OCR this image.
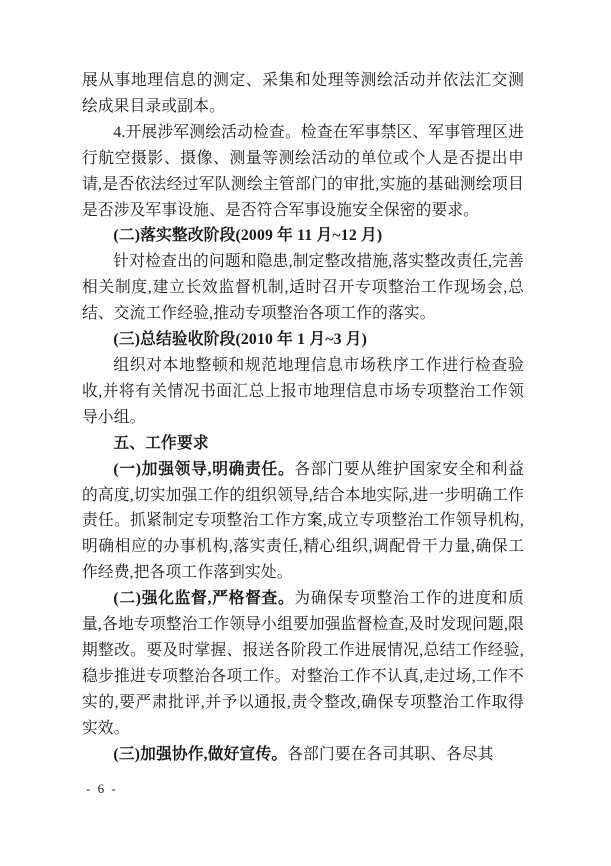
展从事地理信息的测定、采集和处理等测绘活动并依法汇交测绘成果目录或副本。

4.开展涉军测绘活动检查。检查在军事禁区、军事管理区进行航空摄影、摄像、测量等测绘活动的单位或个人是否提出申请,是否依法经过军队测绘主管部门的审批,实施的基础测绘项目是否涉及军事设施、是否符合军事设施安全保密的要求。

(二)落实整改阶段(2009 年 11 月~12 月)

针对检查出的问题和隐患,制定整改措施,落实整改责任,完善相关制度,建立长效监督机制,适时召开专项整治工作现场会,总结、交流工作经验,推动专项整治各项工作的落实。

(三)总结验收阶段(2010 年 1 月~3 月)

组织对本地整顿和规范地理信息市场秩序工作进行检查验收,并将有关情况书面汇总上报市地理信息市场专项整治工作领导小组。

五、工作要求

(一)加强领导,明确责任。各部门要从维护国家安全和利益的高度,切实加强工作的组织领导,结合本地实际,进一步明确工作责任。抓紧制定专项整治工作方案,成立专项整治工作领导机构,明确相应的办事机构,落实责任,精心组织,调配骨干力量,确保工作经费,把各项工作落到实处。

(二)强化监督,严格督查。为确保专项整治工作的进度和质量,各地专项整治工作领导小组要加强监督检查,及时发现问题,限期整改。要及时掌握、报送各阶段工作进展情况,总结工作经验,稳步推进专项整治各项工作。对整治工作不认真,走过场,工作不实的,要严肃批评,并予以通报,责令整改,确保专项整治工作取得实效。

(三)加强协作,做好宣传。各部门要在各司其职、各尽其

- 6 -
